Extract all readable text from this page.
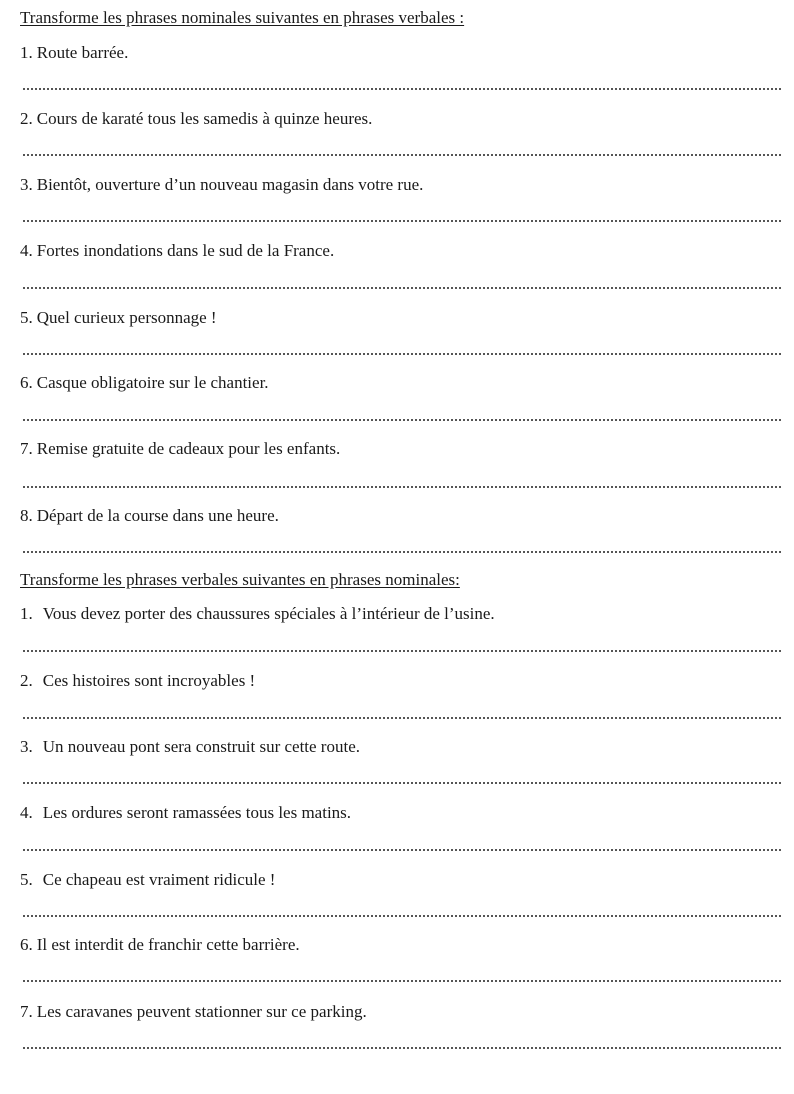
Transforme les phrases nominales suivantes en phrases verbales :
1. Route barrée.
2. Cours de karaté tous les samedis à quinze heures.
3. Bientôt, ouverture d’un nouveau magasin dans votre rue.
4. Fortes inondations dans le sud de la France.
5. Quel curieux personnage !
6. Casque obligatoire sur le chantier.
7. Remise gratuite de cadeaux pour les enfants.
8. Départ de la course dans une heure.
Transforme les phrases verbales suivantes en phrases nominales:
1. Vous devez porter des chaussures spéciales à l’intérieur de l’usine.
2. Ces histoires sont incroyables !
3. Un nouveau pont sera construit sur cette route.
4. Les ordures seront ramassées tous les matins.
5. Ce chapeau est vraiment ridicule !
6. Il est interdit de franchir cette barrière.
7. Les caravanes peuvent stationner sur ce parking.
